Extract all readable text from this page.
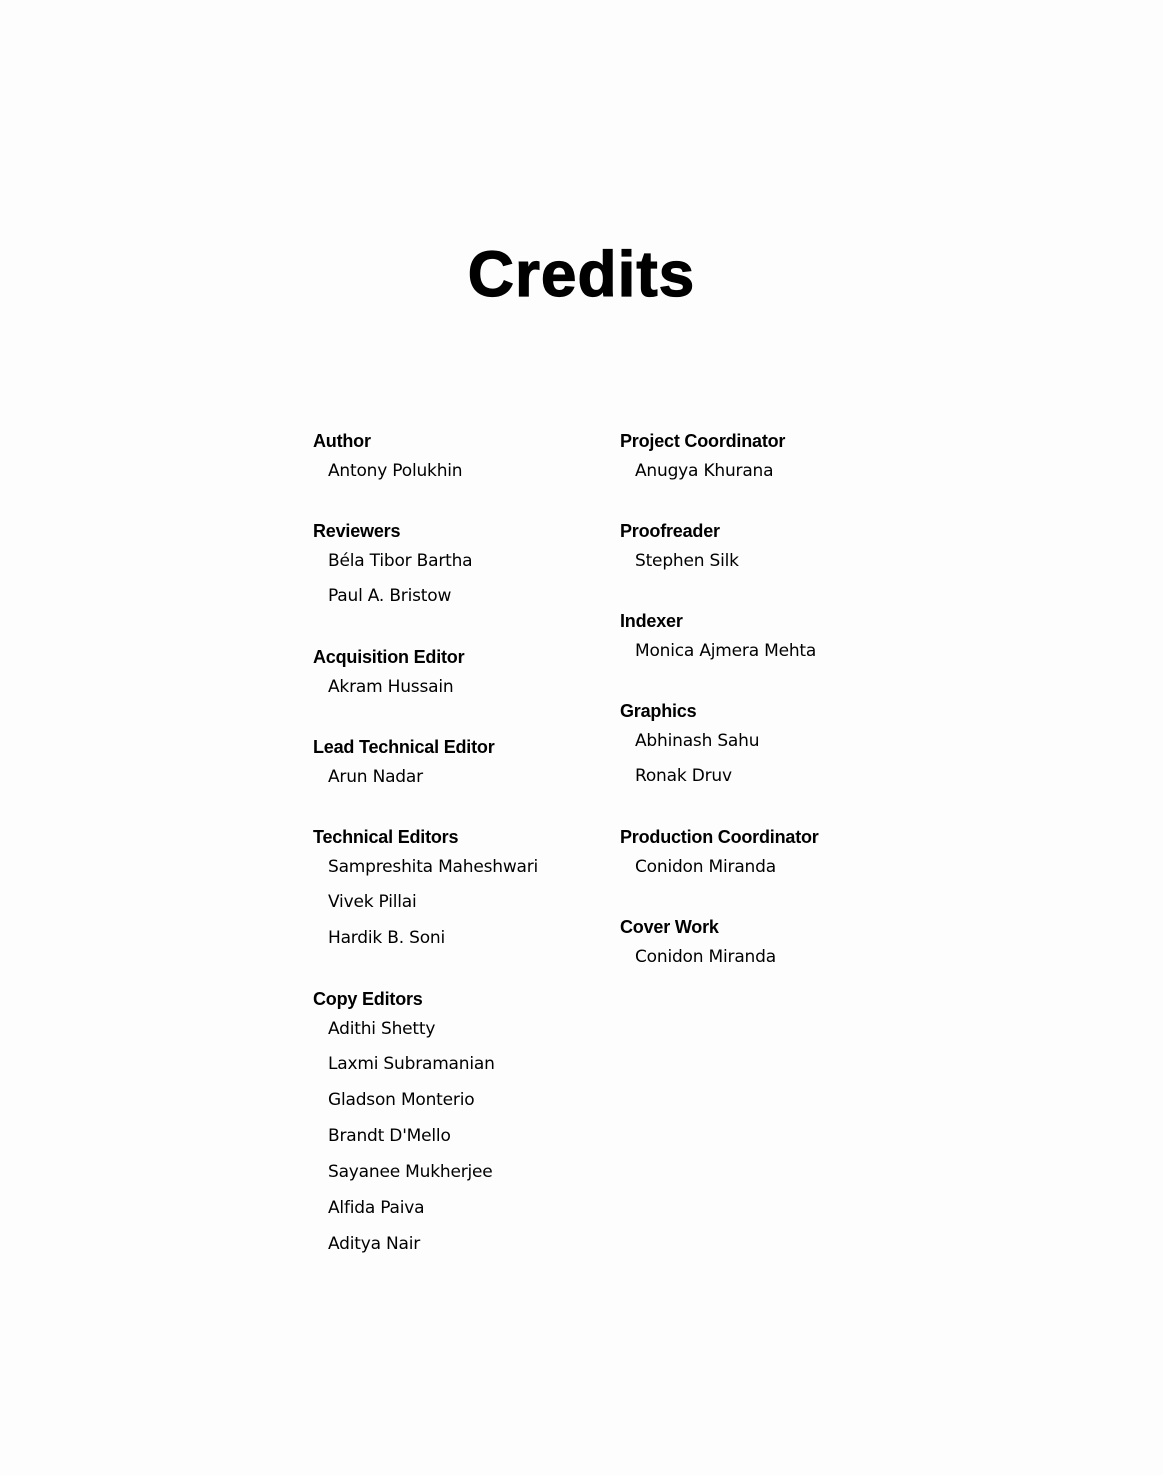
Credits
Author
Antony Polukhin
Reviewers
Béla Tibor Bartha
Paul A. Bristow
Acquisition Editor
Akram Hussain
Lead Technical Editor
Arun Nadar
Technical Editors
Sampreshita Maheshwari
Vivek Pillai
Hardik B. Soni
Copy Editors
Adithi Shetty
Laxmi Subramanian
Gladson Monterio
Brandt D'Mello
Sayanee Mukherjee
Alfida Paiva
Aditya Nair
Project Coordinator
Anugya Khurana
Proofreader
Stephen Silk
Indexer
Monica Ajmera Mehta
Graphics
Abhinash Sahu
Ronak Druv
Production Coordinator
Conidon Miranda
Cover Work
Conidon Miranda
